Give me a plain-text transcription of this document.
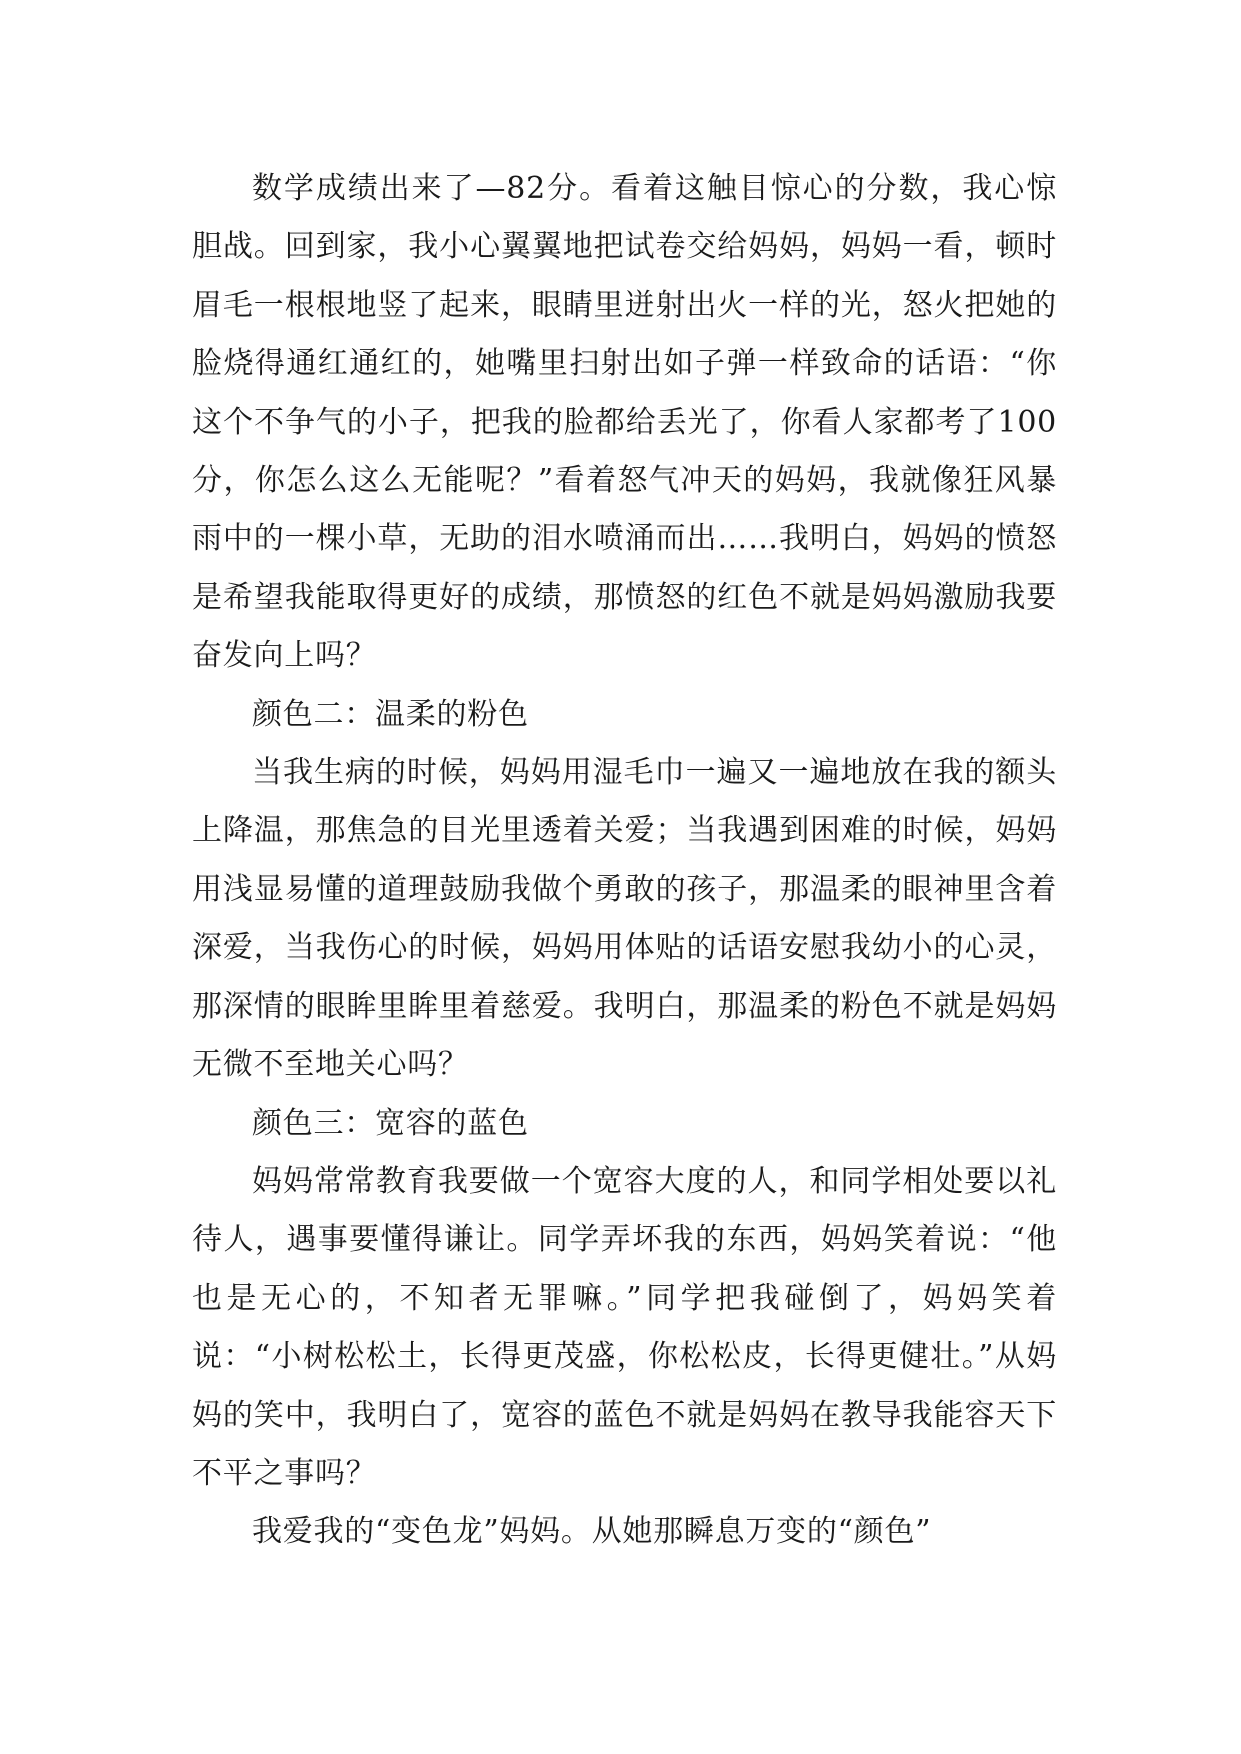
数学成绩出来了—82分。看着这触目惊心的分数，我心惊胆战。回到家，我小心翼翼地把试卷交给妈妈，妈妈一看，顿时眉毛一根根地竖了起来，眼睛里迸射出火一样的光，怒火把她的脸烧得通红通红的，她嘴里扫射出如子弹一样致命的话语：“你这个不争气的小子，把我的脸都给丢光了，你看人家都考了100分，你怎么这么无能呢？”看着怒气冲天的妈妈，我就像狂风暴雨中的一棵小草，无助的泪水喷涌而出……我明白，妈妈的愤怒是希望我能取得更好的成绩，那愤怒的红色不就是妈妈激励我要奋发向上吗？

颜色二：温柔的粉色

当我生病的时候，妈妈用湿毛巾一遍又一遍地放在我的额头上降温，那焦急的目光里透着关爱；当我遇到困难的时候，妈妈用浅显易懂的道理鼓励我做个勇敢的孩子，那温柔的眼神里含着深爱，当我伤心的时候，妈妈用体贴的话语安慰我幼小的心灵，那深情的眼眸里眸里着慈爱。我明白，那温柔的粉色不就是妈妈无微不至地关心吗？

颜色三：宽容的蓝色

妈妈常常教育我要做一个宽容大度的人，和同学相处要以礼待人，遇事要懂得谦让。同学弄坏我的东西，妈妈笑着说：“他也是无心的，不知者无罪嘛。”同学把我碰倒了，妈妈笑着说：“小树松松土，长得更茂盛，你松松皮，长得更健壮。”从妈妈的笑中，我明白了，宽容的蓝色不就是妈妈在教导我能容天下不平之事吗？

我爱我的“变色龙”妈妈。从她那瞬息万变的“颜色”
